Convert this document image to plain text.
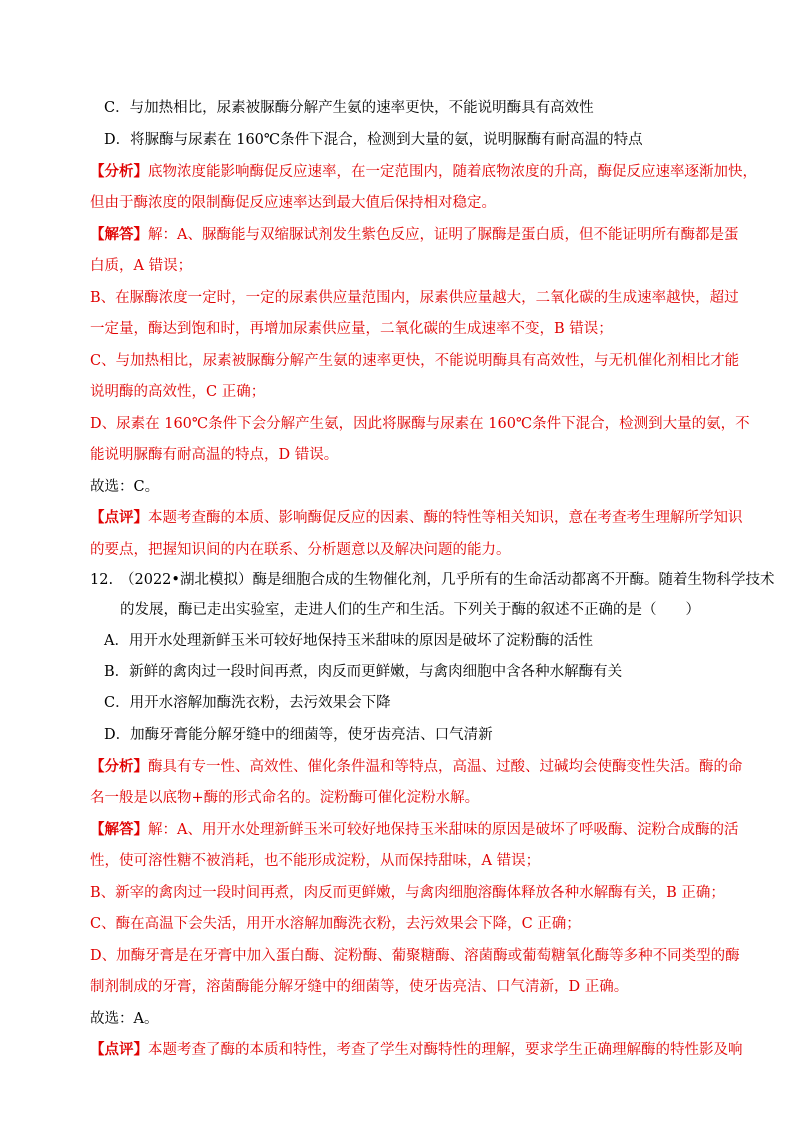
C．与加热相比，尿素被脲酶分解产生氨的速率更快，不能说明酶具有高效性
D．将脲酶与尿素在 160℃条件下混合，检测到大量的氨，说明脲酶有耐高温的特点
【分析】底物浓度能影响酶促反应速率，在一定范围内，随着底物浓度的升高，酶促反应速率逐渐加快，
但由于酶浓度的限制酶促反应速率达到最大值后保持相对稳定。
【解答】解：A、脲酶能与双缩脲试剂发生紫色反应，证明了脲酶是蛋白质，但不能证明所有酶都是蛋
白质，A 错误；
B、在脲酶浓度一定时，一定的尿素供应量范围内，尿素供应量越大，二氧化碳的生成速率越快，超过
一定量，酶达到饱和时，再增加尿素供应量，二氧化碳的生成速率不变，B 错误；
C、与加热相比，尿素被脲酶分解产生氨的速率更快，不能说明酶具有高效性，与无机催化剂相比才能
说明酶的高效性，C 正确；
D、尿素在 160℃条件下会分解产生氨，因此将脲酶与尿素在 160℃条件下混合，检测到大量的氨，不
能说明脲酶有耐高温的特点，D 错误。
故选：C。
【点评】本题考查酶的本质、影响酶促反应的因素、酶的特性等相关知识，意在考查考生理解所学知识
的要点，把握知识间的内在联系、分析题意以及解决问题的能力。
12. （2022•湖北模拟）酶是细胞合成的生物催化剂，几乎所有的生命活动都离不开酶。随着生物科学技术
的发展，酶已走出实验室，走进人们的生产和生活。下列关于酶的叙述不正确的是（　　）
A．用开水处理新鲜玉米可较好地保持玉米甜味的原因是破坏了淀粉酶的活性
B．新鲜的禽肉过一段时间再煮，肉反而更鲜嫩，与禽肉细胞中含各种水解酶有关
C．用开水溶解加酶洗衣粉，去污效果会下降
D．加酶牙膏能分解牙缝中的细菌等，使牙齿亮洁、口气清新
【分析】酶具有专一性、高效性、催化条件温和等特点，高温、过酸、过碱均会使酶变性失活。酶的命
名一般是以底物+酶的形式命名的。淀粉酶可催化淀粉水解。
【解答】解：A、用开水处理新鲜玉米可较好地保持玉米甜味的原因是破坏了呼吸酶、淀粉合成酶的活
性，使可溶性糖不被消耗，也不能形成淀粉，从而保持甜味，A 错误；
B、新宰的禽肉过一段时间再煮，肉反而更鲜嫩，与禽肉细胞溶酶体释放各种水解酶有关，B 正确；
C、酶在高温下会失活，用开水溶解加酶洗衣粉，去污效果会下降，C 正确；
D、加酶牙膏是在牙膏中加入蛋白酶、淀粉酶、葡聚糖酶、溶菌酶或葡萄糖氧化酶等多种不同类型的酶
制剂制成的牙膏，溶菌酶能分解牙缝中的细菌等，使牙齿亮洁、口气清新，D 正确。
故选：A。
【点评】本题考查了酶的本质和特性，考查了学生对酶特性的理解，要求学生正确理解酶的特性影及响
